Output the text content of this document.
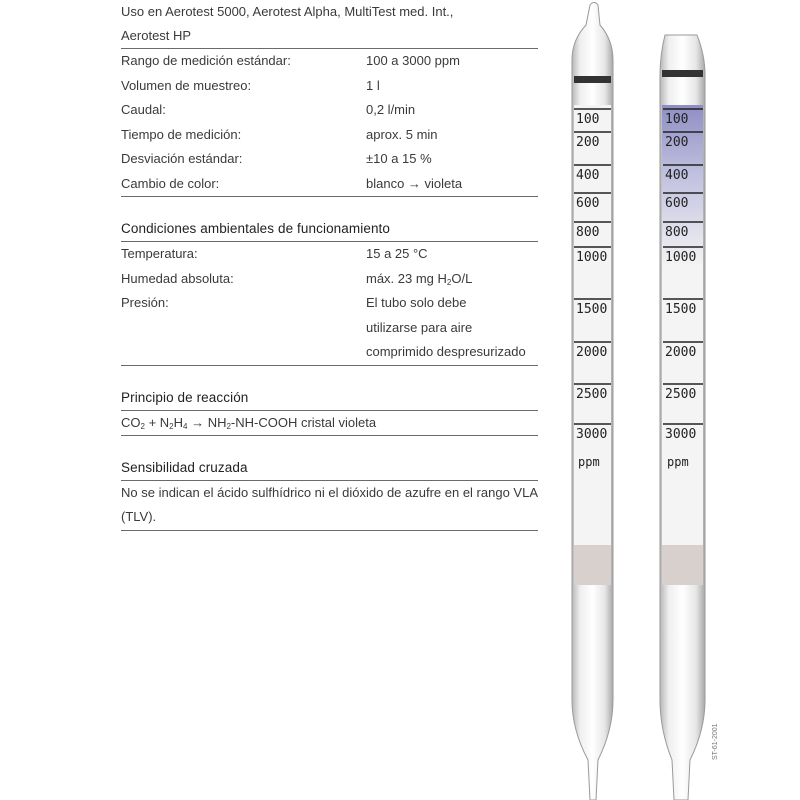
Uso en Aerotest 5000, Aerotest Alpha, MultiTest med. Int.,
Aerotest HP
Rango de medición estándar:	100 a 3000 ppm
Volumen de muestreo:	1 l
Caudal:	0,2 l/min
Tiempo de medición:	aprox. 5 min
Desviación estándar:	±10 a 15 %
Cambio de color:	blanco → violeta
Condiciones ambientales de funcionamiento
Temperatura:	15 a 25 °C
Humedad absoluta:	máx. 23 mg $H_2O/L$
Presión:	El tubo solo debe
utilizarse para aire
comprimido despresurizado
Principio de reacción
$CO_2 + N_2H_4$ → $NH_2-NH$-COOH cristal violeta
Sensibilidad cruzada
No se indican el ácido sulfhídrico ni el dióxido de azufre en el rango VLA (TLV).
100
200
400
600
800
1000
1500
2000
2500
3000
ppm
100
200
400
600
800
1000
1500
2000
2500
3000
ppm
ST-61-2001
